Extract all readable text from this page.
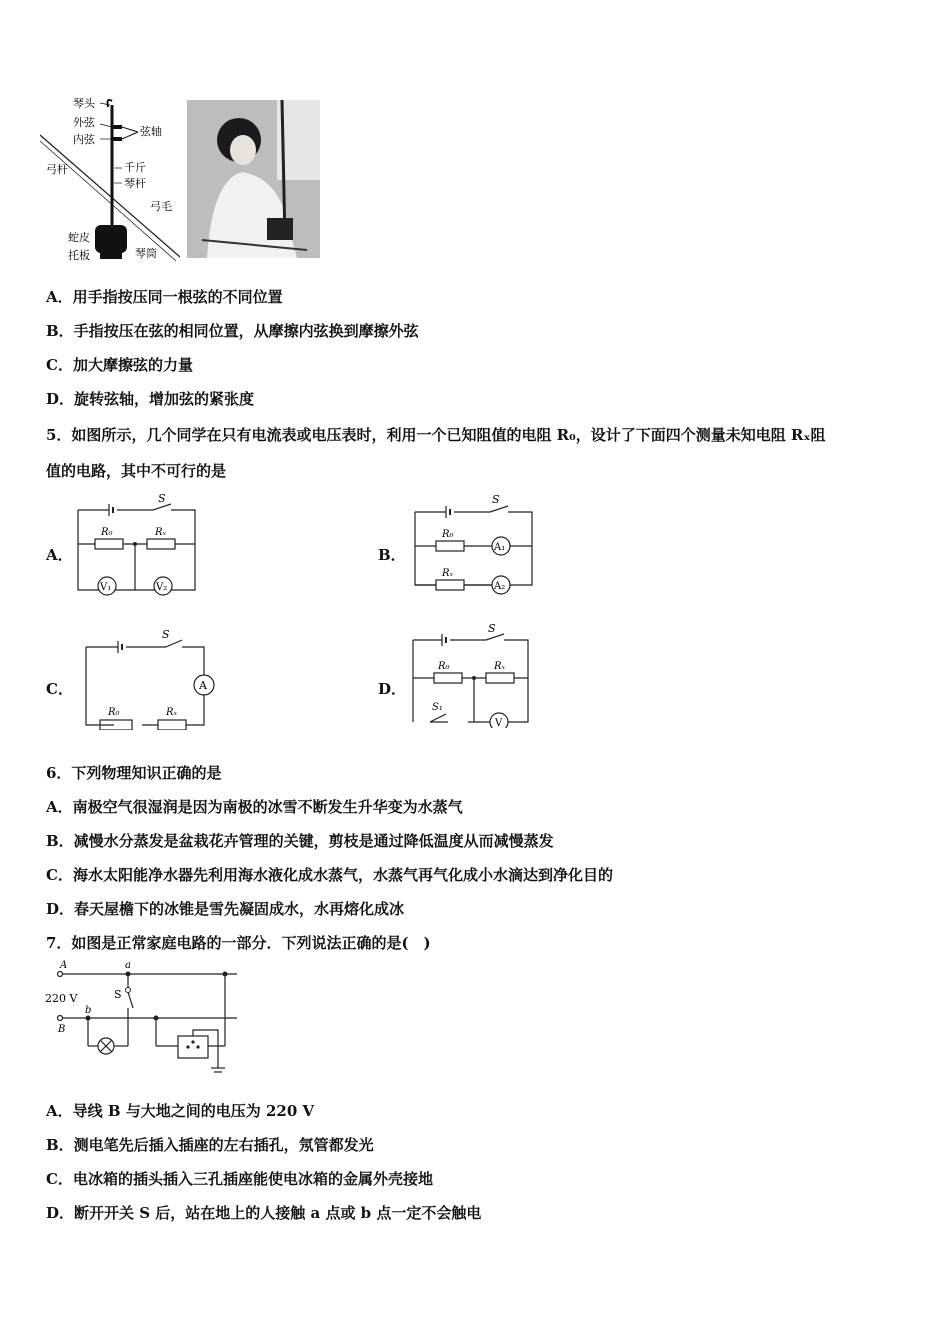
琴头
外弦
内弦
弦轴
弓杆	千斤
琴杆
弓毛
蛇皮
托板	琴筒
A．用手指按压同一根弦的不同位置
B．手指按压在弦的相同位置，从摩擦内弦换到摩擦外弦
C．加大摩擦弦的力量
D．旋转弦轴，增加弦的紧张度
5．如图所示，几个同学在只有电流表或电压表时，利用一个已知阻值的电阻 R₀，设计了下面四个测量未知电阻 Rₓ阻
值的电路，其中不可行的是
A．	B．
C．	D．
S
R₀	Rₓ
V₁	V₂
S
R₀
Rₓ
A₁
A₂
S
A
R₀	Rₓ
S
S₁
R₀	Rₓ
V
6．下列物理知识正确的是
A．南极空气很湿润是因为南极的冰雪不断发生升华变为水蒸气
B．减慢水分蒸发是盆栽花卉管理的关键，剪枝是通过降低温度从而减慢蒸发
C．海水太阳能净水器先利用海水液化成水蒸气，水蒸气再气化成小水滴达到净化目的
D．春天屋檐下的冰锥是雪先凝固成水，水再熔化成冰
7．如图是正常家庭电路的一部分．下列说法正确的是(　)
A
220 V
B
a
b
S
A．导线 B 与大地之间的电压为 220 V
B．测电笔先后插入插座的左右插孔，氖管都发光
C．电冰箱的插头插入三孔插座能使电冰箱的金属外壳接地
D．断开开关 S 后，站在地上的人接触 a 点或 b 点一定不会触电
